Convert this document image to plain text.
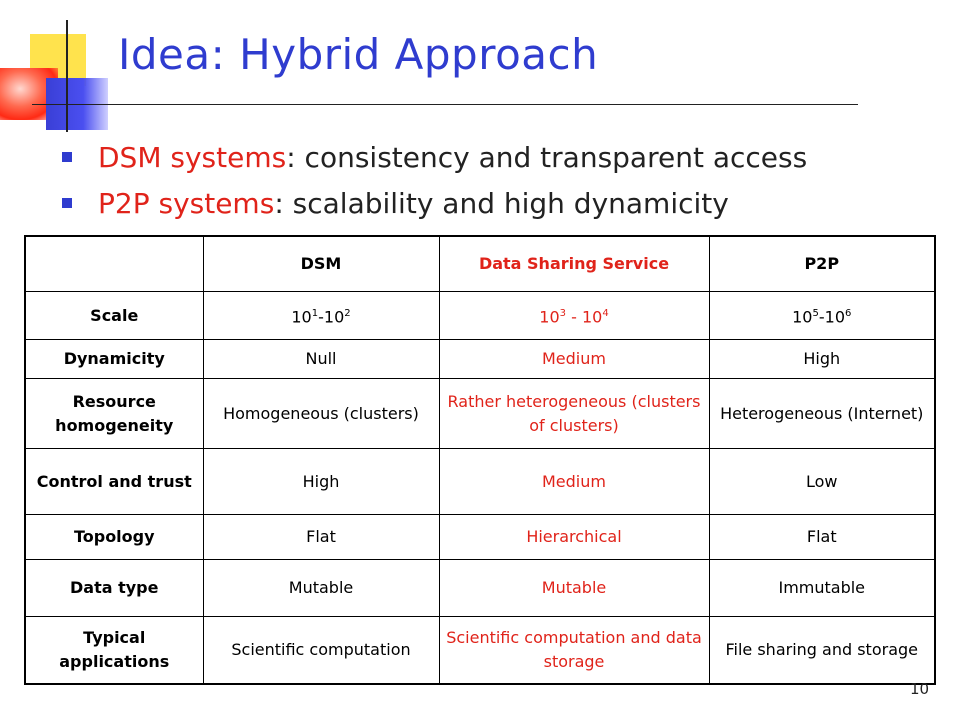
Idea: Hybrid Approach
DSM systems: consistency and transparent access
P2P systems: scalability and high dynamicity
	DSM	Data Sharing Service	P2P
Scale	$10^1-10^2$	$10^3 - 10^4$	$10^5-10^6$
Dynamicity	Null	Medium	High
Resource homogeneity	Homogeneous (clusters)	Rather heterogeneous (clusters of clusters)	Heterogeneous (Internet)
Control and trust	High	Medium	Low
Topology	Flat	Hierarchical	Flat
Data type	Mutable	Mutable	Immutable
Typical applications	Scientific computation	Scientific computation and data storage	File sharing and storage
10
